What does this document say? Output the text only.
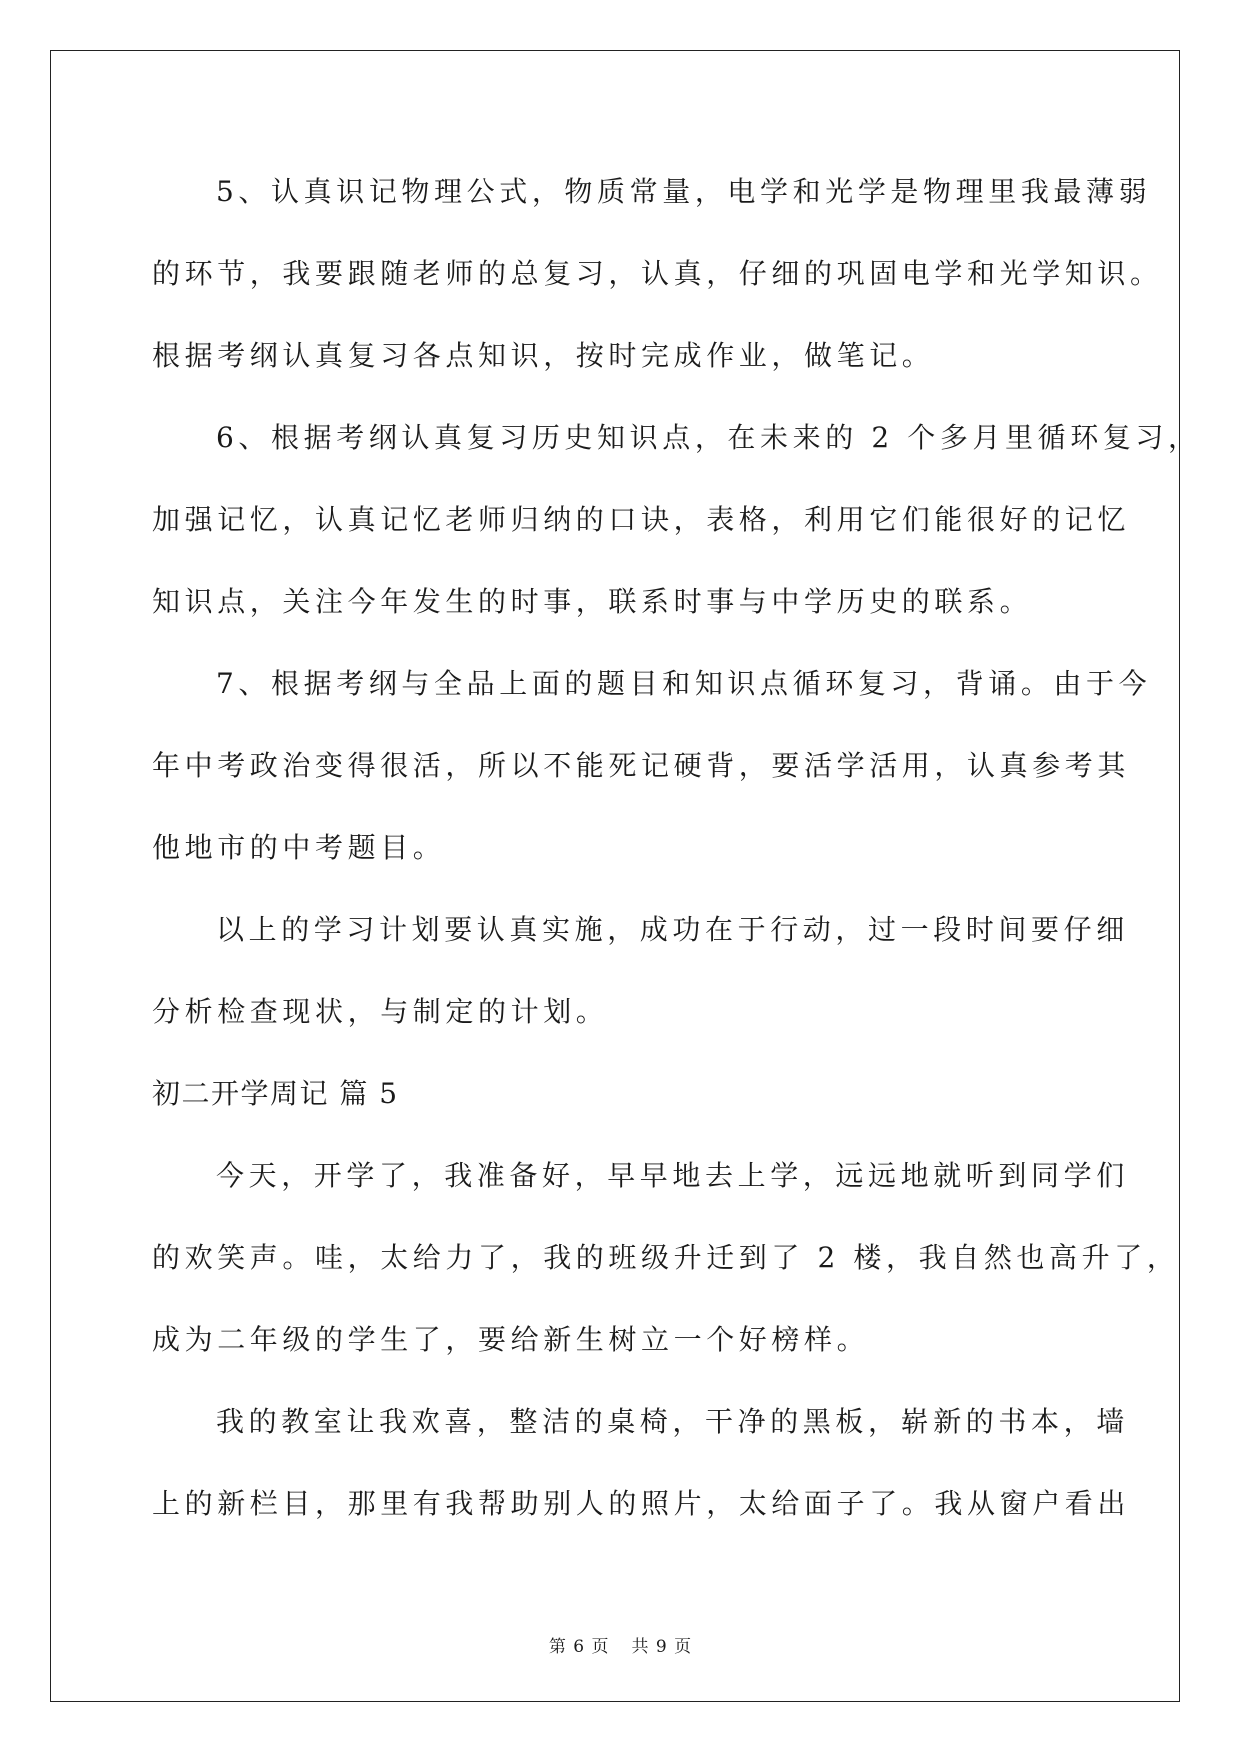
5、认真识记物理公式，物质常量，电学和光学是物理里我最薄弱
的环节，我要跟随老师的总复习，认真，仔细的巩固电学和光学知识。
根据考纲认真复习各点知识，按时完成作业，做笔记。
6、根据考纲认真复习历史知识点，在未来的 2 个多月里循环复习，
加强记忆，认真记忆老师归纳的口诀，表格，利用它们能很好的记忆
知识点，关注今年发生的时事，联系时事与中学历史的联系。
7、根据考纲与全品上面的题目和知识点循环复习，背诵。由于今
年中考政治变得很活，所以不能死记硬背，要活学活用，认真参考其
他地市的中考题目。
以上的学习计划要认真实施，成功在于行动，过一段时间要仔细
分析检查现状，与制定的计划。
初二开学周记 篇 5
今天，开学了，我准备好，早早地去上学，远远地就听到同学们
的欢笑声。哇，太给力了，我的班级升迁到了 2 楼，我自然也高升了，
成为二年级的学生了，要给新生树立一个好榜样。
我的教室让我欢喜，整洁的桌椅，干净的黑板，崭新的书本，墙
上的新栏目，那里有我帮助别人的照片，太给面子了。我从窗户看出
第 6 页 共 9 页
